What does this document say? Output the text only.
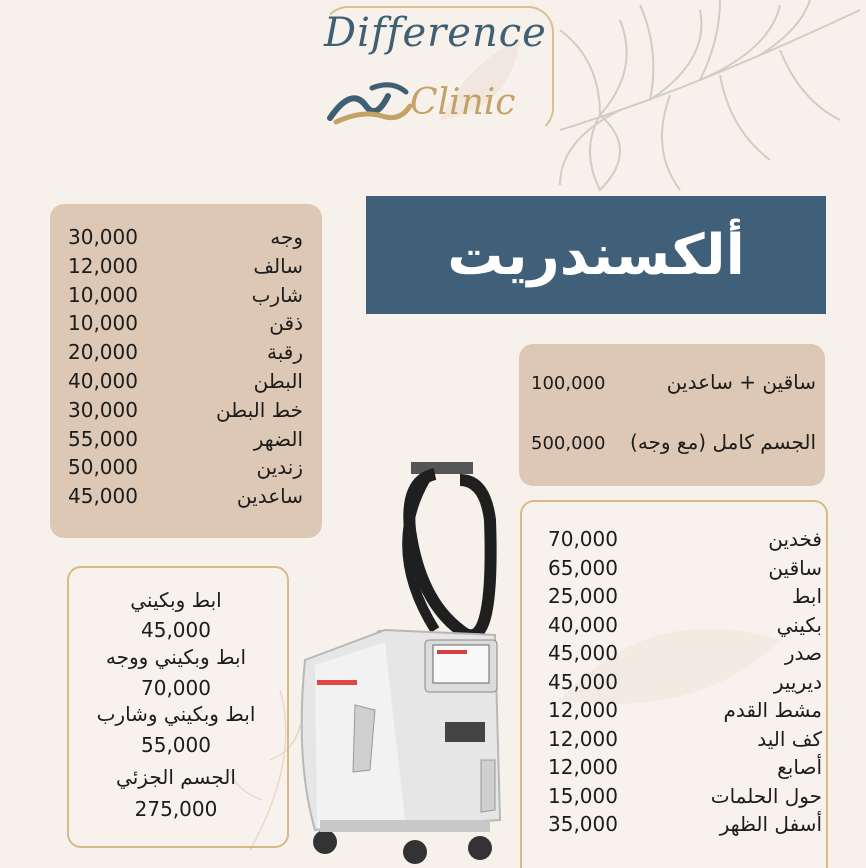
Difference
Clinic
ألكسندريت
وجه
30,000
سالف
12,000
شارب
10,000
ذقن
10,000
رقبة
20,000
البطن
40,000
خط البطن
30,000
الضهر
55,000
زندين
50,000
ساعدين
45,000
ساقين + ساعدين
100,000
الجسم كامل (مع وجه)
500,000
ابط وبكيني
45,000
ابط وبكيني ووجه
70,000
ابط وبكيني وشارب
55,000
الجسم الجزئي
275,000
فخدين
70,000
ساقين
65,000
ابط
25,000
بكيني
40,000
صدر
45,000
ديريير
45,000
مشط القدم
12,000
كف اليد
12,000
أصابع
12,000
حول الحلمات
15,000
أسفل الظهر
35,000
